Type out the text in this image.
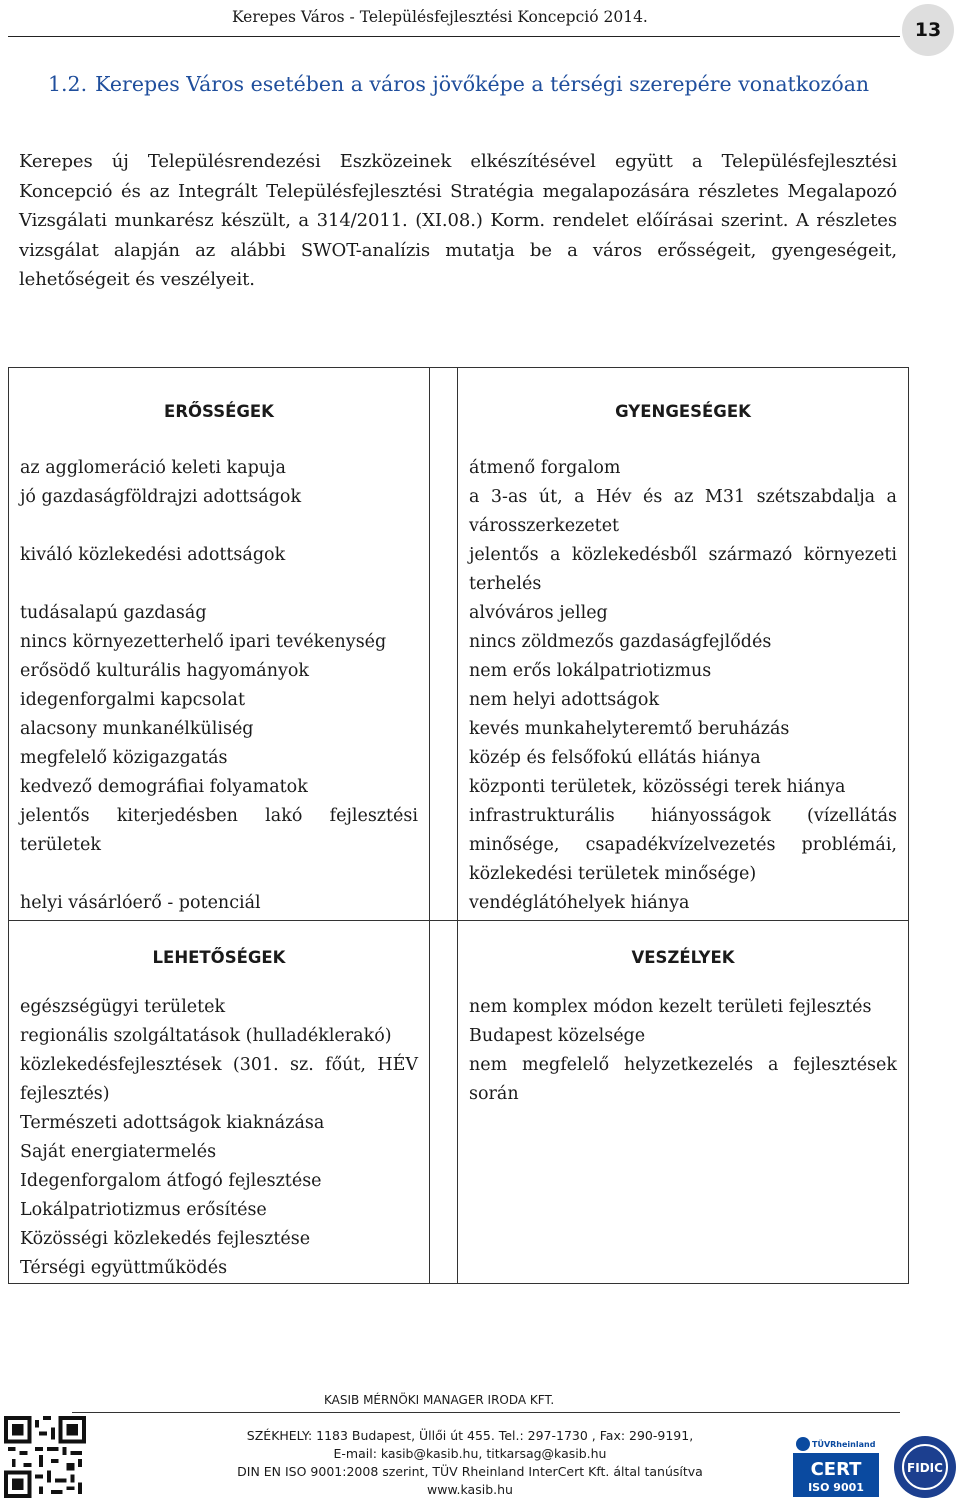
Kerepes Város - Településfejlesztési Koncepció 2014.
13
1.2. Kerepes Város esetében a város jövőképe a térségi szerepére vonatkozóan
Kerepes új Településrendezési Eszközeinek elkészítésével együtt a Településfejlesztési Koncepció és az Integrált Településfejlesztési Stratégia megalapozására részletes Megalapozó Vizsgálati munkarész készült, a 314/2011. (XI.08.) Korm. rendelet előírásai szerint. A részletes vizsgálat alapján az alábbi SWOT-analízis mutatja be a város erősségeit, gyengeségeit, lehetőségeit és veszélyeit.
ERŐSSÉGEK		GYENGESÉGEK
az agglomeráció keleti kapuja		átmenő forgalom
jó gazdaságföldrajzi adottságok		a 3-as út, a Hév és az M31 szétszabdalja a városszerkezetet
kiváló közlekedési adottságok		jelentős a közlekedésből származó környezeti terhelés
tudásalapú gazdaság		alvóváros jelleg
nincs környezetterhelő ipari tevékenység		nincs zöldmezős gazdaságfejlődés
erősödő kulturális hagyományok		nem erős lokálpatriotizmus
idegenforgalmi kapcsolat		nem helyi adottságok
alacsony munkanélküliség		kevés munkahelyteremtő beruházás
megfelelő közigazgatás		közép és felsőfokú ellátás hiánya
kedvező demográfiai folyamatok		központi területek, közösségi terek hiánya
jelentős kiterjedésben lakó fejlesztési területek		infrastrukturális hiányosságok (vízellátás minősége, csapadékvízelvezetés problémái, közlekedési területek minősége)
helyi vásárlóerő - potenciál		vendéglátóhelyek hiánya
LEHETŐSÉGEK		VESZÉLYEK
egészségügyi területek		nem komplex módon kezelt területi fejlesztés
regionális szolgáltatások (hulladéklerakó)		Budapest közelsége
közlekedésfejlesztések (301. sz. főút, HÉV fejlesztés)		nem megfelelő helyzetkezelés a fejlesztések során
Természeti adottságok kiaknázása		
Saját energiatermelés		
Idegenforgalom átfogó fejlesztése		
Lokálpatriotizmus erősítése		
Közösségi közlekedés fejlesztése		
Térségi együttműködés		
KASIB MÉRNÖKI MANAGER IRODA KFT.
SZÉKHELY: 1183 Budapest, Üllői út 455. Tel.: 297-1730 , Fax: 290-9191,
E-mail: kasib@kasib.hu, titkarsag@kasib.hu
DIN EN ISO 9001:2008 szerint, TÜV Rheinland InterCert Kft. által tanúsítva
www.kasib.hu
TÜVRheinland
CERT
ISO 9001
FIDIC
